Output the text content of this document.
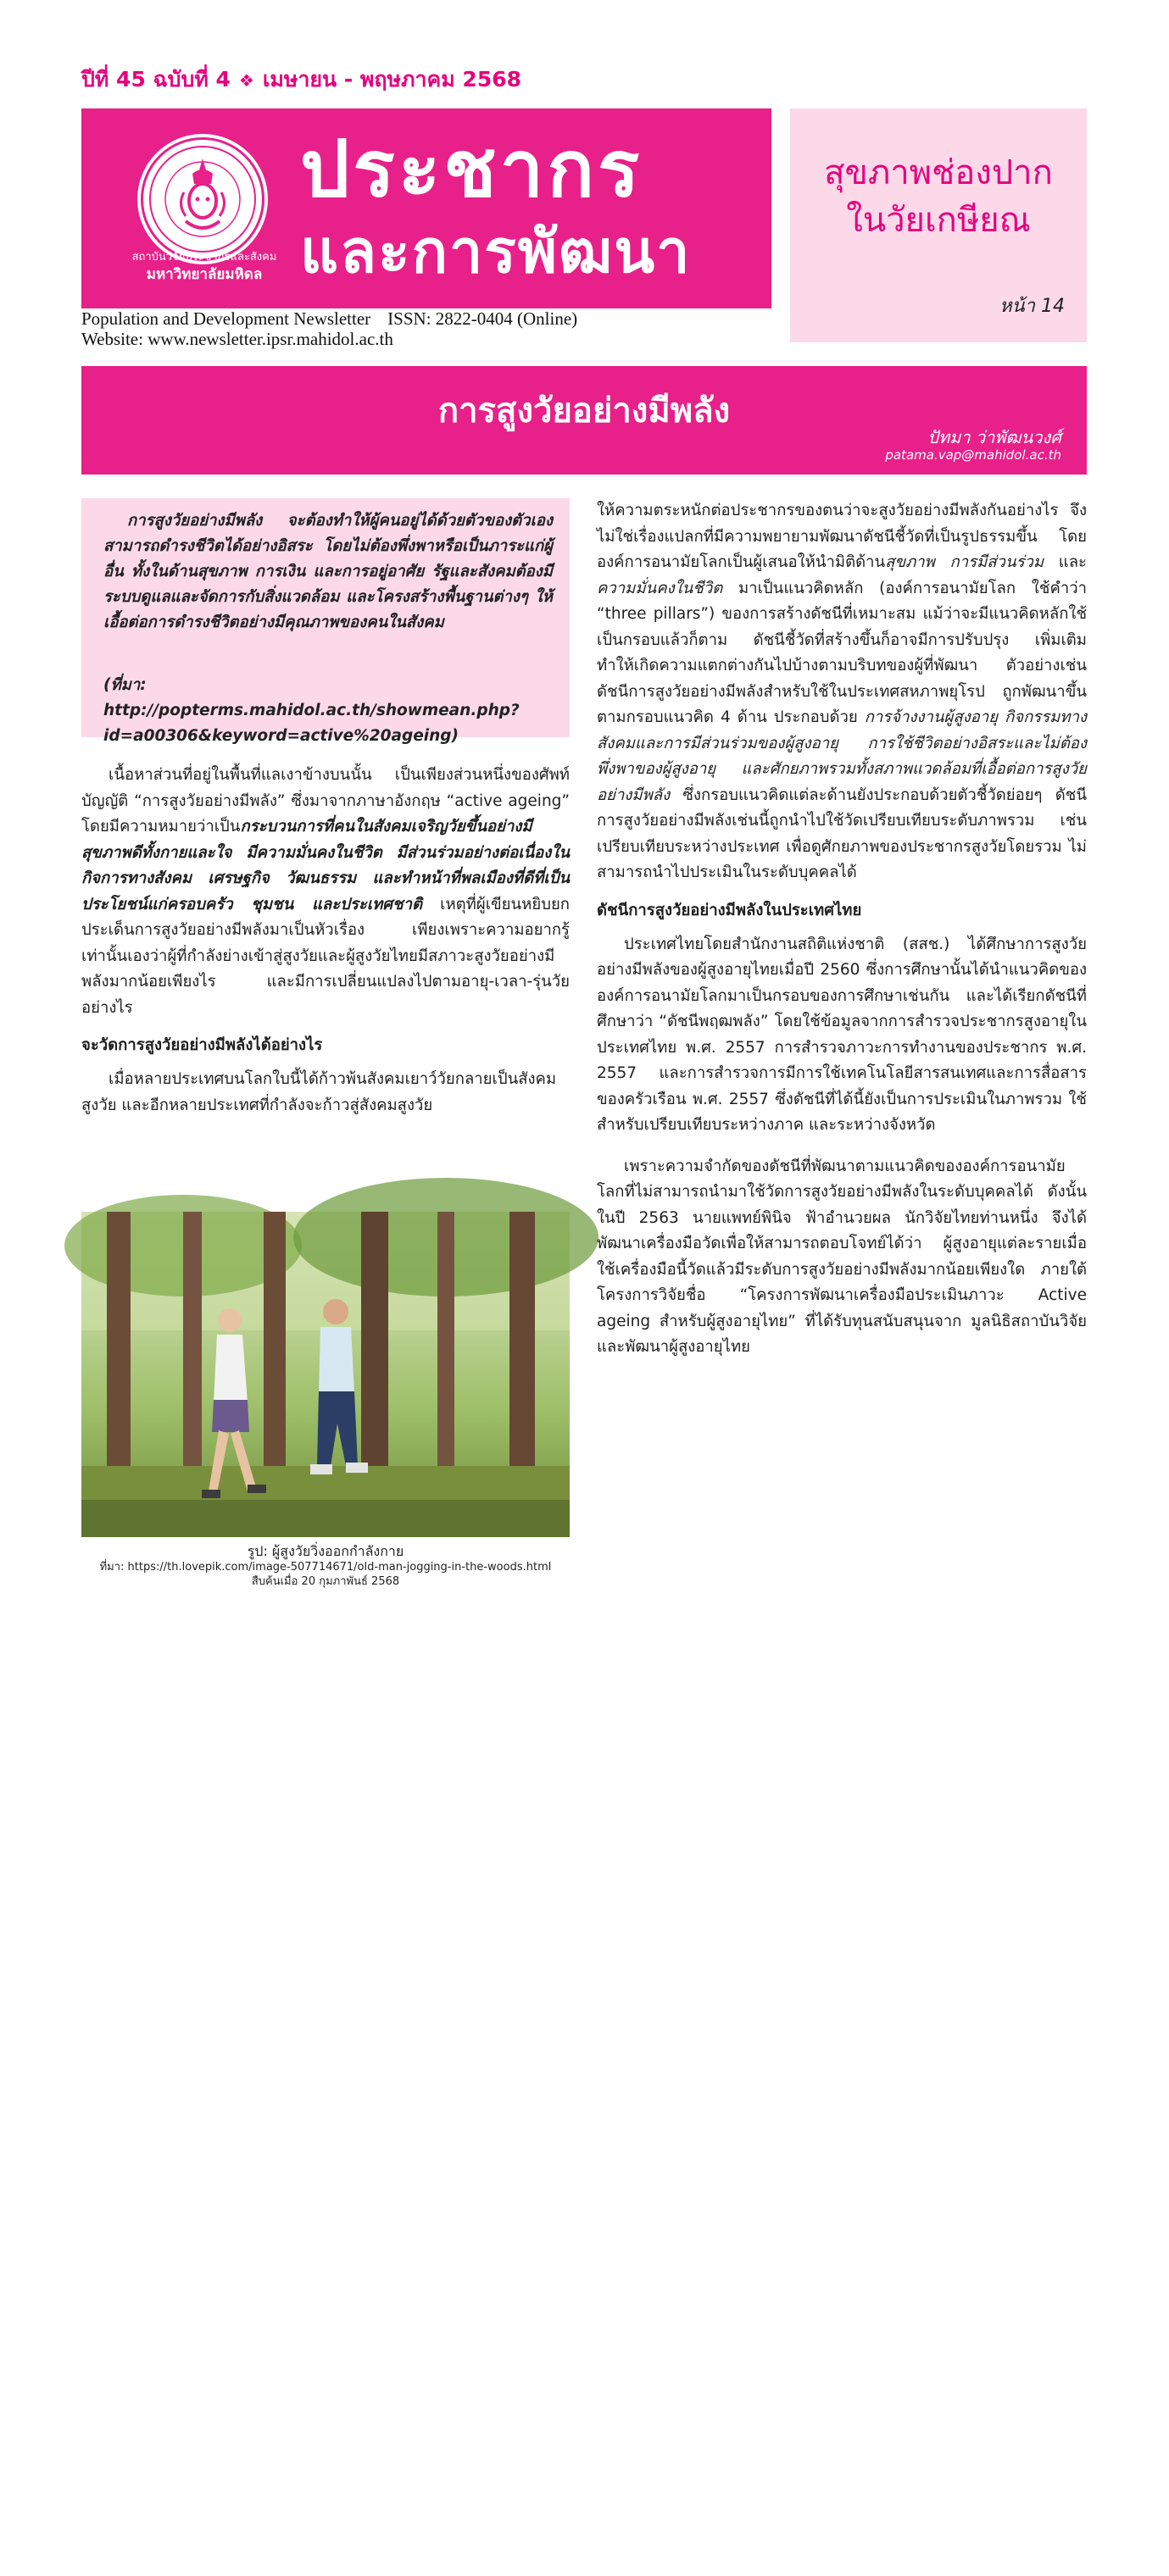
ปีที่ 45 ฉบับที่ 4 ❖ เมษายน - พฤษภาคม 2568
สถาบันวิจัยประชากรและสังคม
มหาวิทยาลัยมหิดล
ประชากร
และการพัฒนา
Population and Development Newsletter ISSN: 2822-0404 (Online)
Website: www.newsletter.ipsr.mahidol.ac.th
สุขภาพช่องปาก
ในวัยเกษียณ
หน้า 14
การสูงวัยอย่างมีพลัง
ปัทมา ว่าพัฒนวงศ์
patama.vap@mahidol.ac.th
การสูงวัยอย่างมีพลัง จะต้องทำให้ผู้คนอยู่ได้ด้วยตัวของตัวเอง สามารถดำรงชีวิตได้อย่างอิสระ โดยไม่ต้องพึ่งพาหรือเป็นภาระแก่ผู้อื่น ทั้งในด้านสุขภาพ การเงิน และการอยู่อาศัย รัฐและสังคมต้องมีระบบดูแลและจัดการกับสิ่งแวดล้อม และโครงสร้างพื้นฐานต่างๆ ให้เอื้อต่อการดำรงชีวิตอย่างมีคุณภาพของคนในสังคม
(ที่มา: http://popterms.mahidol.ac.th/showmean.php?id=a00306&keyword=active%20ageing)

เนื้อหาส่วนที่อยู่ในพื้นที่แลเงาข้างบนนั้น เป็นเพียงส่วนหนึ่งของศัพท์บัญญัติ “การสูงวัยอย่างมีพลัง” ซึ่งมาจากภาษาอังกฤษ “active ageing” โดยมีความหมายว่าเป็นกระบวนการที่คนในสังคมเจริญวัยขึ้นอย่างมีสุขภาพดีทั้งกายและใจ มีความมั่นคงในชีวิต มีส่วนร่วมอย่างต่อเนื่องในกิจการทางสังคม เศรษฐกิจ วัฒนธรรม และทำหน้าที่พลเมืองที่ดีที่เป็นประโยชน์แก่ครอบครัว ชุมชน และประเทศชาติ เหตุที่ผู้เขียนหยิบยกประเด็นการสูงวัยอย่างมีพลังมาเป็นหัวเรื่อง เพียงเพราะความอยากรู้เท่านั้นเองว่าผู้ที่กำลังย่างเข้าสู่สูงวัยและผู้สูงวัยไทยมีสภาวะสูงวัยอย่างมีพลังมากน้อยเพียงไร และมีการเปลี่ยนแปลงไปตามอายุ-เวลา-รุ่นวัย อย่างไร

จะวัดการสูงวัยอย่างมีพลังได้อย่างไร

เมื่อหลายประเทศบนโลกใบนี้ได้ก้าวพ้นสังคมเยาว์วัยกลายเป็นสังคมสูงวัย และอีกหลายประเทศที่กำลังจะก้าวสู่สังคมสูงวัย

Lovepik
รูป: ผู้สูงวัยวิ่งออกกำลังกาย
ที่มา: https://th.lovepik.com/image-507714671/old-man-jogging-in-the-woods.html
สืบค้นเมื่อ 20 กุมภาพันธ์ 2568

ให้ความตระหนักต่อประชากรของตนว่าจะสูงวัยอย่างมีพลังกันอย่างไร จึงไม่ใช่เรื่องแปลกที่มีความพยายามพัฒนาดัชนีชี้วัดที่เป็นรูปธรรมขึ้น โดยองค์การอนามัยโลกเป็นผู้เสนอให้นำมิติด้านสุขภาพ การมีส่วนร่วม และความมั่นคงในชีวิต มาเป็นแนวคิดหลัก (องค์การอนามัยโลก ใช้คำว่า “three pillars”) ของการสร้างดัชนีที่เหมาะสม แม้ว่าจะมีแนวคิดหลักใช้เป็นกรอบแล้วก็ตาม ดัชนีชี้วัดที่สร้างขึ้นก็อาจมีการปรับปรุง เพิ่มเติม ทำให้เกิดความแตกต่างกันไปบ้างตามบริบทของผู้ที่พัฒนา ตัวอย่างเช่น ดัชนีการสูงวัยอย่างมีพลังสำหรับใช้ในประเทศสหภาพยุโรป ถูกพัฒนาขึ้นตามกรอบแนวคิด 4 ด้าน ประกอบด้วย การจ้างงานผู้สูงอายุ กิจกรรมทางสังคมและการมีส่วนร่วมของผู้สูงอายุ การใช้ชีวิตอย่างอิสระและไม่ต้องพึ่งพาของผู้สูงอายุ และศักยภาพรวมทั้งสภาพแวดล้อมที่เอื้อต่อการสูงวัยอย่างมีพลัง ซึ่งกรอบแนวคิดแต่ละด้านยังประกอบด้วยตัวชี้วัดย่อยๆ ดัชนีการสูงวัยอย่างมีพลังเช่นนี้ถูกนำไปใช้วัดเปรียบเทียบระดับภาพรวม เช่น เปรียบเทียบระหว่างประเทศ เพื่อดูศักยภาพของประชากรสูงวัยโดยรวม ไม่สามารถนำไปประเมินในระดับบุคคลได้

ดัชนีการสูงวัยอย่างมีพลังในประเทศไทย

ประเทศไทยโดยสำนักงานสถิติแห่งชาติ (สสช.) ได้ศึกษาการสูงวัยอย่างมีพลังของผู้สูงอายุไทยเมื่อปี 2560 ซึ่งการศึกษานั้นได้นำแนวคิดขององค์การอนามัยโลกมาเป็นกรอบของการศึกษาเช่นกัน และได้เรียกดัชนีที่ศึกษาว่า “ดัชนีพฤฒพลัง” โดยใช้ข้อมูลจากการสำรวจประชากรสูงอายุในประเทศไทย พ.ศ. 2557 การสำรวจภาวะการทำงานของประชากร พ.ศ. 2557 และการสำรวจการมีการใช้เทคโนโลยีสารสนเทศและการสื่อสารของครัวเรือน พ.ศ. 2557 ซึ่งดัชนีที่ได้นี้ยังเป็นการประเมินในภาพรวม ใช้สำหรับเปรียบเทียบระหว่างภาค และระหว่างจังหวัด

เพราะความจำกัดของดัชนีที่พัฒนาตามแนวคิดขององค์การอนามัยโลกที่ไม่สามารถนำมาใช้วัดการสูงวัยอย่างมีพลังในระดับบุคคลได้ ดังนั้น ในปี 2563 นายแพทย์พินิจ ฟ้าอำนวยผล นักวิจัยไทยท่านหนึ่ง จึงได้พัฒนาเครื่องมือวัดเพื่อให้สามารถตอบโจทย์ได้ว่า ผู้สูงอายุแต่ละรายเมื่อใช้เครื่องมือนี้วัดแล้วมีระดับการสูงวัยอย่างมีพลังมากน้อยเพียงใด ภายใต้โครงการวิจัยชื่อ “โครงการพัฒนาเครื่องมือประเมินภาวะ Active ageing สำหรับผู้สูงอายุไทย” ที่ได้รับทุนสนับสนุนจาก มูลนิธิสถาบันวิจัยและพัฒนาผู้สูงอายุไทย
